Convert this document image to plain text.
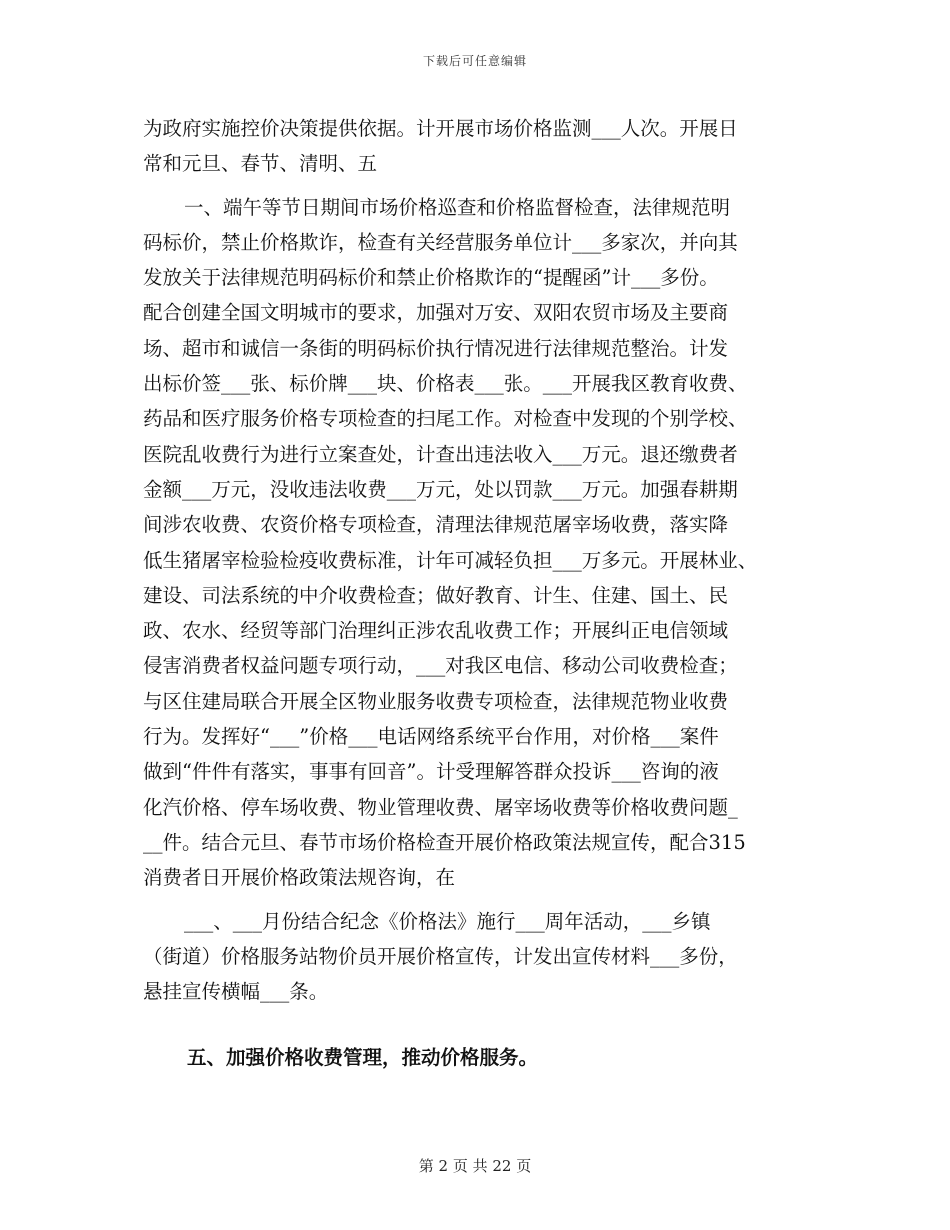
下载后可任意编辑
为政府实施控价决策提供依据。计开展市场价格监测___人次。开展日
常和元旦、春节、清明、五
一、端午等节日期间市场价格巡查和价格监督检查，法律规范明
码标价，禁止价格欺诈，检查有关经营服务单位计___多家次，并向其
发放关于法律规范明码标价和禁止价格欺诈的“提醒函”计___多份。
配合创建全国文明城市的要求，加强对万安、双阳农贸市场及主要商
场、超市和诚信一条街的明码标价执行情况进行法律规范整治。计发
出标价签___张、标价牌___块、价格表___张。___开展我区教育收费、
药品和医疗服务价格专项检查的扫尾工作。对检查中发现的个别学校、
医院乱收费行为进行立案查处，计查出违法收入___万元。退还缴费者
金额___万元，没收违法收费___万元，处以罚款___万元。加强春耕期
间涉农收费、农资价格专项检查，清理法律规范屠宰场收费，落实降
低生猪屠宰检验检疫收费标准，计年可减轻负担___万多元。开展林业、
建设、司法系统的中介收费检查；做好教育、计生、住建、国土、民
政、农水、经贸等部门治理纠正涉农乱收费工作；开展纠正电信领域
侵害消费者权益问题专项行动，___对我区电信、移动公司收费检查；
与区住建局联合开展全区物业服务收费专项检查，法律规范物业收费
行为。发挥好“___”价格___电话网络系统平台作用，对价格___案件
做到“件件有落实，事事有回音”。计受理解答群众投诉___咨询的液
化汽价格、停车场收费、物业管理收费、屠宰场收费等价格收费问题_
__件。结合元旦、春节市场价格检查开展价格政策法规宣传，配合315
消费者日开展价格政策法规咨询，在
___、___月份结合纪念《价格法》施行___周年活动，___乡镇
（街道）价格服务站物价员开展价格宣传，计发出宣传材料___多份，
悬挂宣传横幅___条。
五、加强价格收费管理，推动价格服务。
第 2 页 共 22 页
